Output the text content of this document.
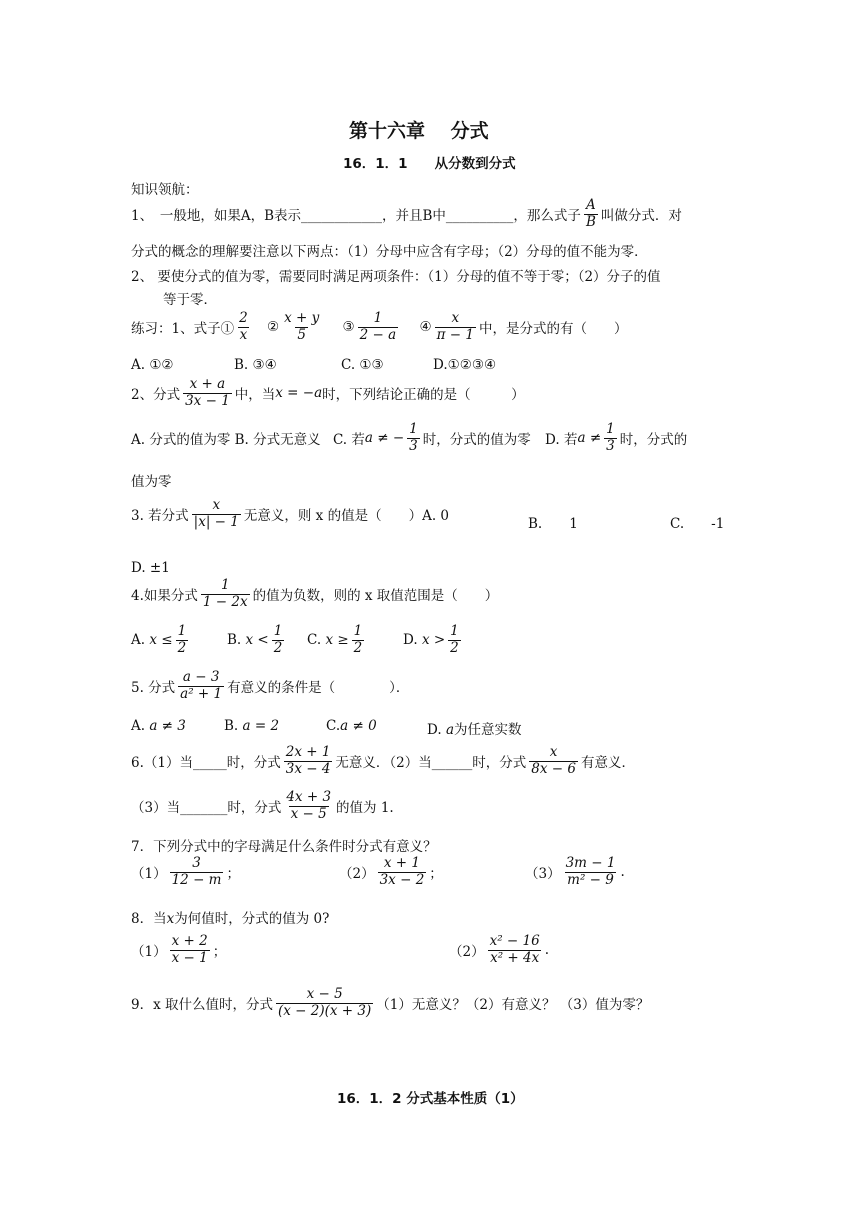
第十六章　 分式
16．1．1　　从分数到分式
知识领航：
1、　一般地，如果A，B表示____________，并且B中__________，那么式子 $\frac{A}{B}$ 叫做分式．对
分式的概念的理解要注意以下两点：（1）分母中应含有字母；（2）分母的值不能为零．
2、 要使分式的值为零，需要同时满足两项条件：（1）分母的值不等于零；（2）分子的值
等于零．
练习：1、式子① $\frac{2}{x}$ ② $\frac{x + y}{5}$ ③ $\frac{1}{2 - a}$ ④ $\frac{x}{\pi - 1}$ 中，是分式的有（　　）
A. ①②	B. ③④	C. ①③	D.①②③④
2、分式 $\frac{x + a}{3x - 1}$ 中，当x = −a时，下列结论正确的是（　　　）
A. 分式的值为零 B. 分式无意义 C. 若a ≠ − $\frac{1}{3}$ 时，分式的值为零 D. 若$a \ne \frac{1}{3}$ 时，分式的
值为零
3. 若分式 $\frac{x}{|x| - 1}$ 无意义，则 x 的值是（　　）A. 0	B.　　1	C.　　-1
D. ±1
4.如果分式 $\frac{1}{1 - 2x}$ 的值为负数，则的 x 取值范围是（　　）
A. $x \le \frac{1}{2}$	B. $x < \frac{1}{2} C$. $x \ge \frac{1}{2}$	D. $x > \frac{1}{2}$
5. 分式 $\frac{a - 3}{\text{a² + 1}}$ 有意义的条件是（　　　　）．
A. a ≠ 3	B. a = 2	C.a ≠ 0	D. a为任意实数
6.（1）当_____时，分式 $\frac{2x + 1}{3x - 4}$ 无意义．（2）当______时，分式 $\frac{x}{8x - 6}$ 有意义．
（3）当_______时，分式 $\frac{4x + 3}{x - 5}$ 的值为 1.
7．下列分式中的字母满足什么条件时分式有意义？
$(1) \frac{3}{12 - m}$ ；	$(2) \frac{x + 1}{3x - 2}$ ；	$(3) \frac{3m - 1}{\text{m² − 9}}$ .
8．当x为何值时，分式的值为 0?
$(1) \frac{x + 2}{x - 1}$ ；	$(2) \frac{\text{x² − 16}}{\text{x² + 4x}}$ .
9．x 取什么值时，分式 $\frac{x - 5}{(x - 2)(x + 3)} (1)$无意义？（2）有意义？ （3）值为零？
16．1．2 分式基本性质（1）
